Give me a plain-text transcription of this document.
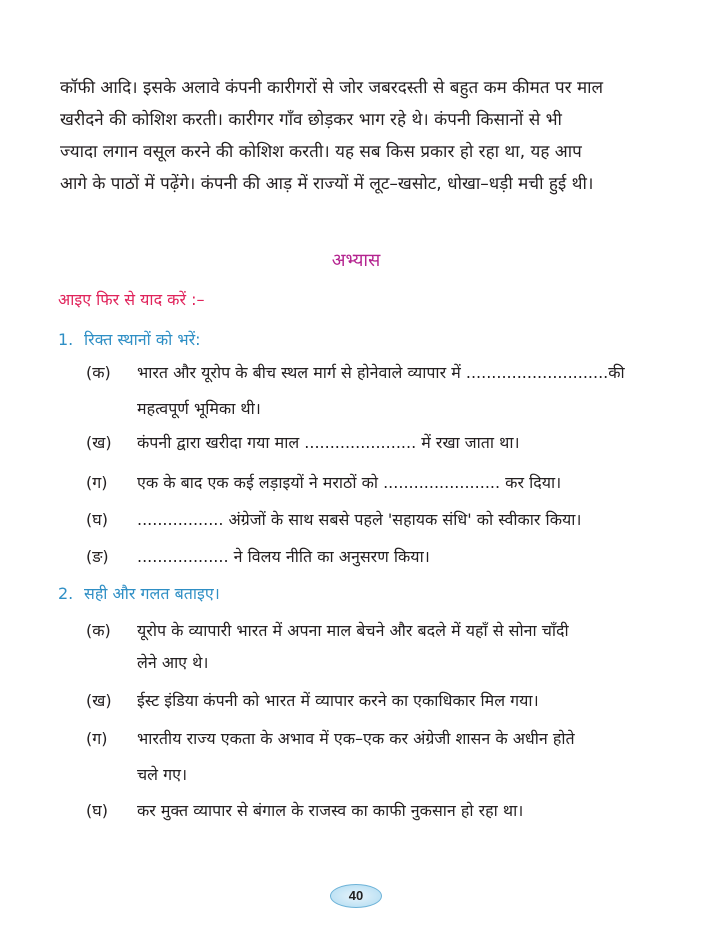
कॉफी आदि। इसके अलावे कंपनी कारीगरों से जोर जबरदस्ती से बहुत कम कीमत पर माल
खरीदने की कोशिश करती। कारीगर गाँव छोड़कर भाग रहे थे। कंपनी किसानों से भी
ज्यादा लगान वसूल करने की कोशिश करती। यह सब किस प्रकार हो रहा था, यह आप
आगे के पाठों में पढ़ेंगे। कंपनी की आड़ में राज्यों में लूट–खसोट, धोखा–धड़ी मची हुई थी।
अभ्यास
आइए फिर से याद करें :–
1. रिक्त स्थानों को भरें:
(क)	भारत और यूरोप के बीच स्थल मार्ग से होनेवाले व्यापार में ............................की
महत्वपूर्ण भूमिका थी।
(ख)	कंपनी द्वारा खरीदा गया माल ...................... में रखा जाता था।
(ग)	एक के बाद एक कई लड़ाइयों ने मराठों को ....................... कर दिया।
(घ)	................. अंग्रेजों के साथ सबसे पहले 'सहायक संधि' को स्वीकार किया।
(ङ)	.................. ने विलय नीति का अनुसरण किया।
2. सही और गलत बताइए।
(क)	यूरोप के व्यापारी भारत में अपना माल बेचने और बदले में यहाँ से सोना चाँदी
लेने आए थे।
(ख)	ईस्ट इंडिया कंपनी को भारत में व्यापार करने का एकाधिकार मिल गया।
(ग)	भारतीय राज्य एकता के अभाव में एक–एक कर अंग्रेजी शासन के अधीन होते
चले गए।
(घ)	कर मुक्त व्यापार से बंगाल के राजस्व का काफी नुकसान हो रहा था।
40
